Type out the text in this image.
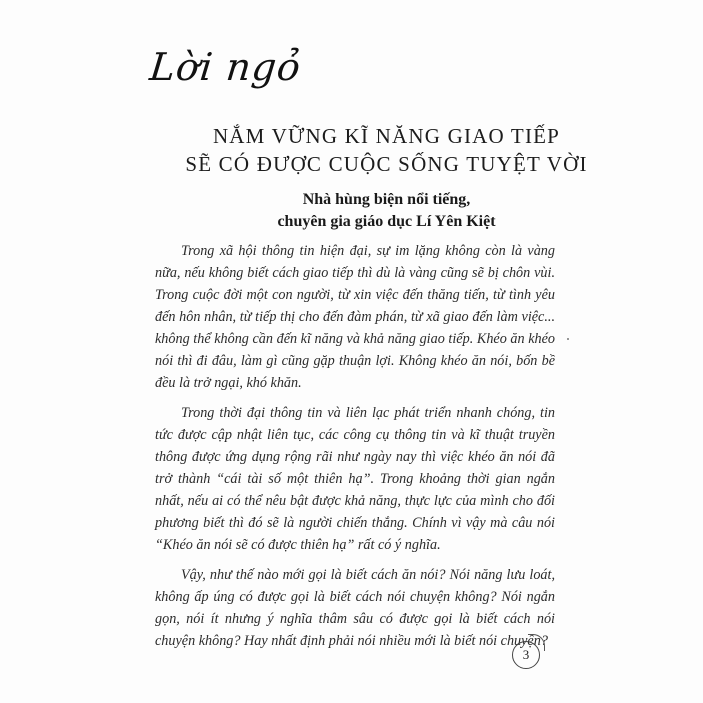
Lời ngỏ
NẮM VỮNG KĨ NĂNG GIAO TIẾP
SẼ CÓ ĐƯỢC CUỘC SỐNG TUYỆT VỜI
Nhà hùng biện nổi tiếng,
chuyên gia giáo dục Lí Yên Kiệt

Trong xã hội thông tin hiện đại, sự im lặng không còn là vàng nữa, nếu không biết cách giao tiếp thì dù là vàng cũng sẽ bị chôn vùi. Trong cuộc đời một con người, từ xin việc đến thăng tiến, từ tình yêu đến hôn nhân, từ tiếp thị cho đến đàm phán, từ xã giao đến làm việc... không thể không cần đến kĩ năng và khả năng giao tiếp. Khéo ăn khéo nói thì đi đâu, làm gì cũng gặp thuận lợi. Không khéo ăn nói, bốn bề đều là trở ngại, khó khăn.

Trong thời đại thông tin và liên lạc phát triển nhanh chóng, tin tức được cập nhật liên tục, các công cụ thông tin và kĩ thuật truyền thông được ứng dụng rộng rãi như ngày nay thì việc khéo ăn nói đã trở thành “cái tài số một thiên hạ”. Trong khoảng thời gian ngắn nhất, nếu ai có thể nêu bật được khả năng, thực lực của mình cho đối phương biết thì đó sẽ là người chiến thắng. Chính vì vậy mà câu nói “Khéo ăn nói sẽ có được thiên hạ” rất có ý nghĩa.

Vậy, như thế nào mới gọi là biết cách ăn nói? Nói năng lưu loát, không ấp úng có được gọi là biết cách nói chuyện không? Nói ngắn gọn, nói ít nhưng ý nghĩa thâm sâu có được gọi là biết cách nói chuyện không? Hay nhất định phải nói nhiều mới là biết nói chuyện?

3
